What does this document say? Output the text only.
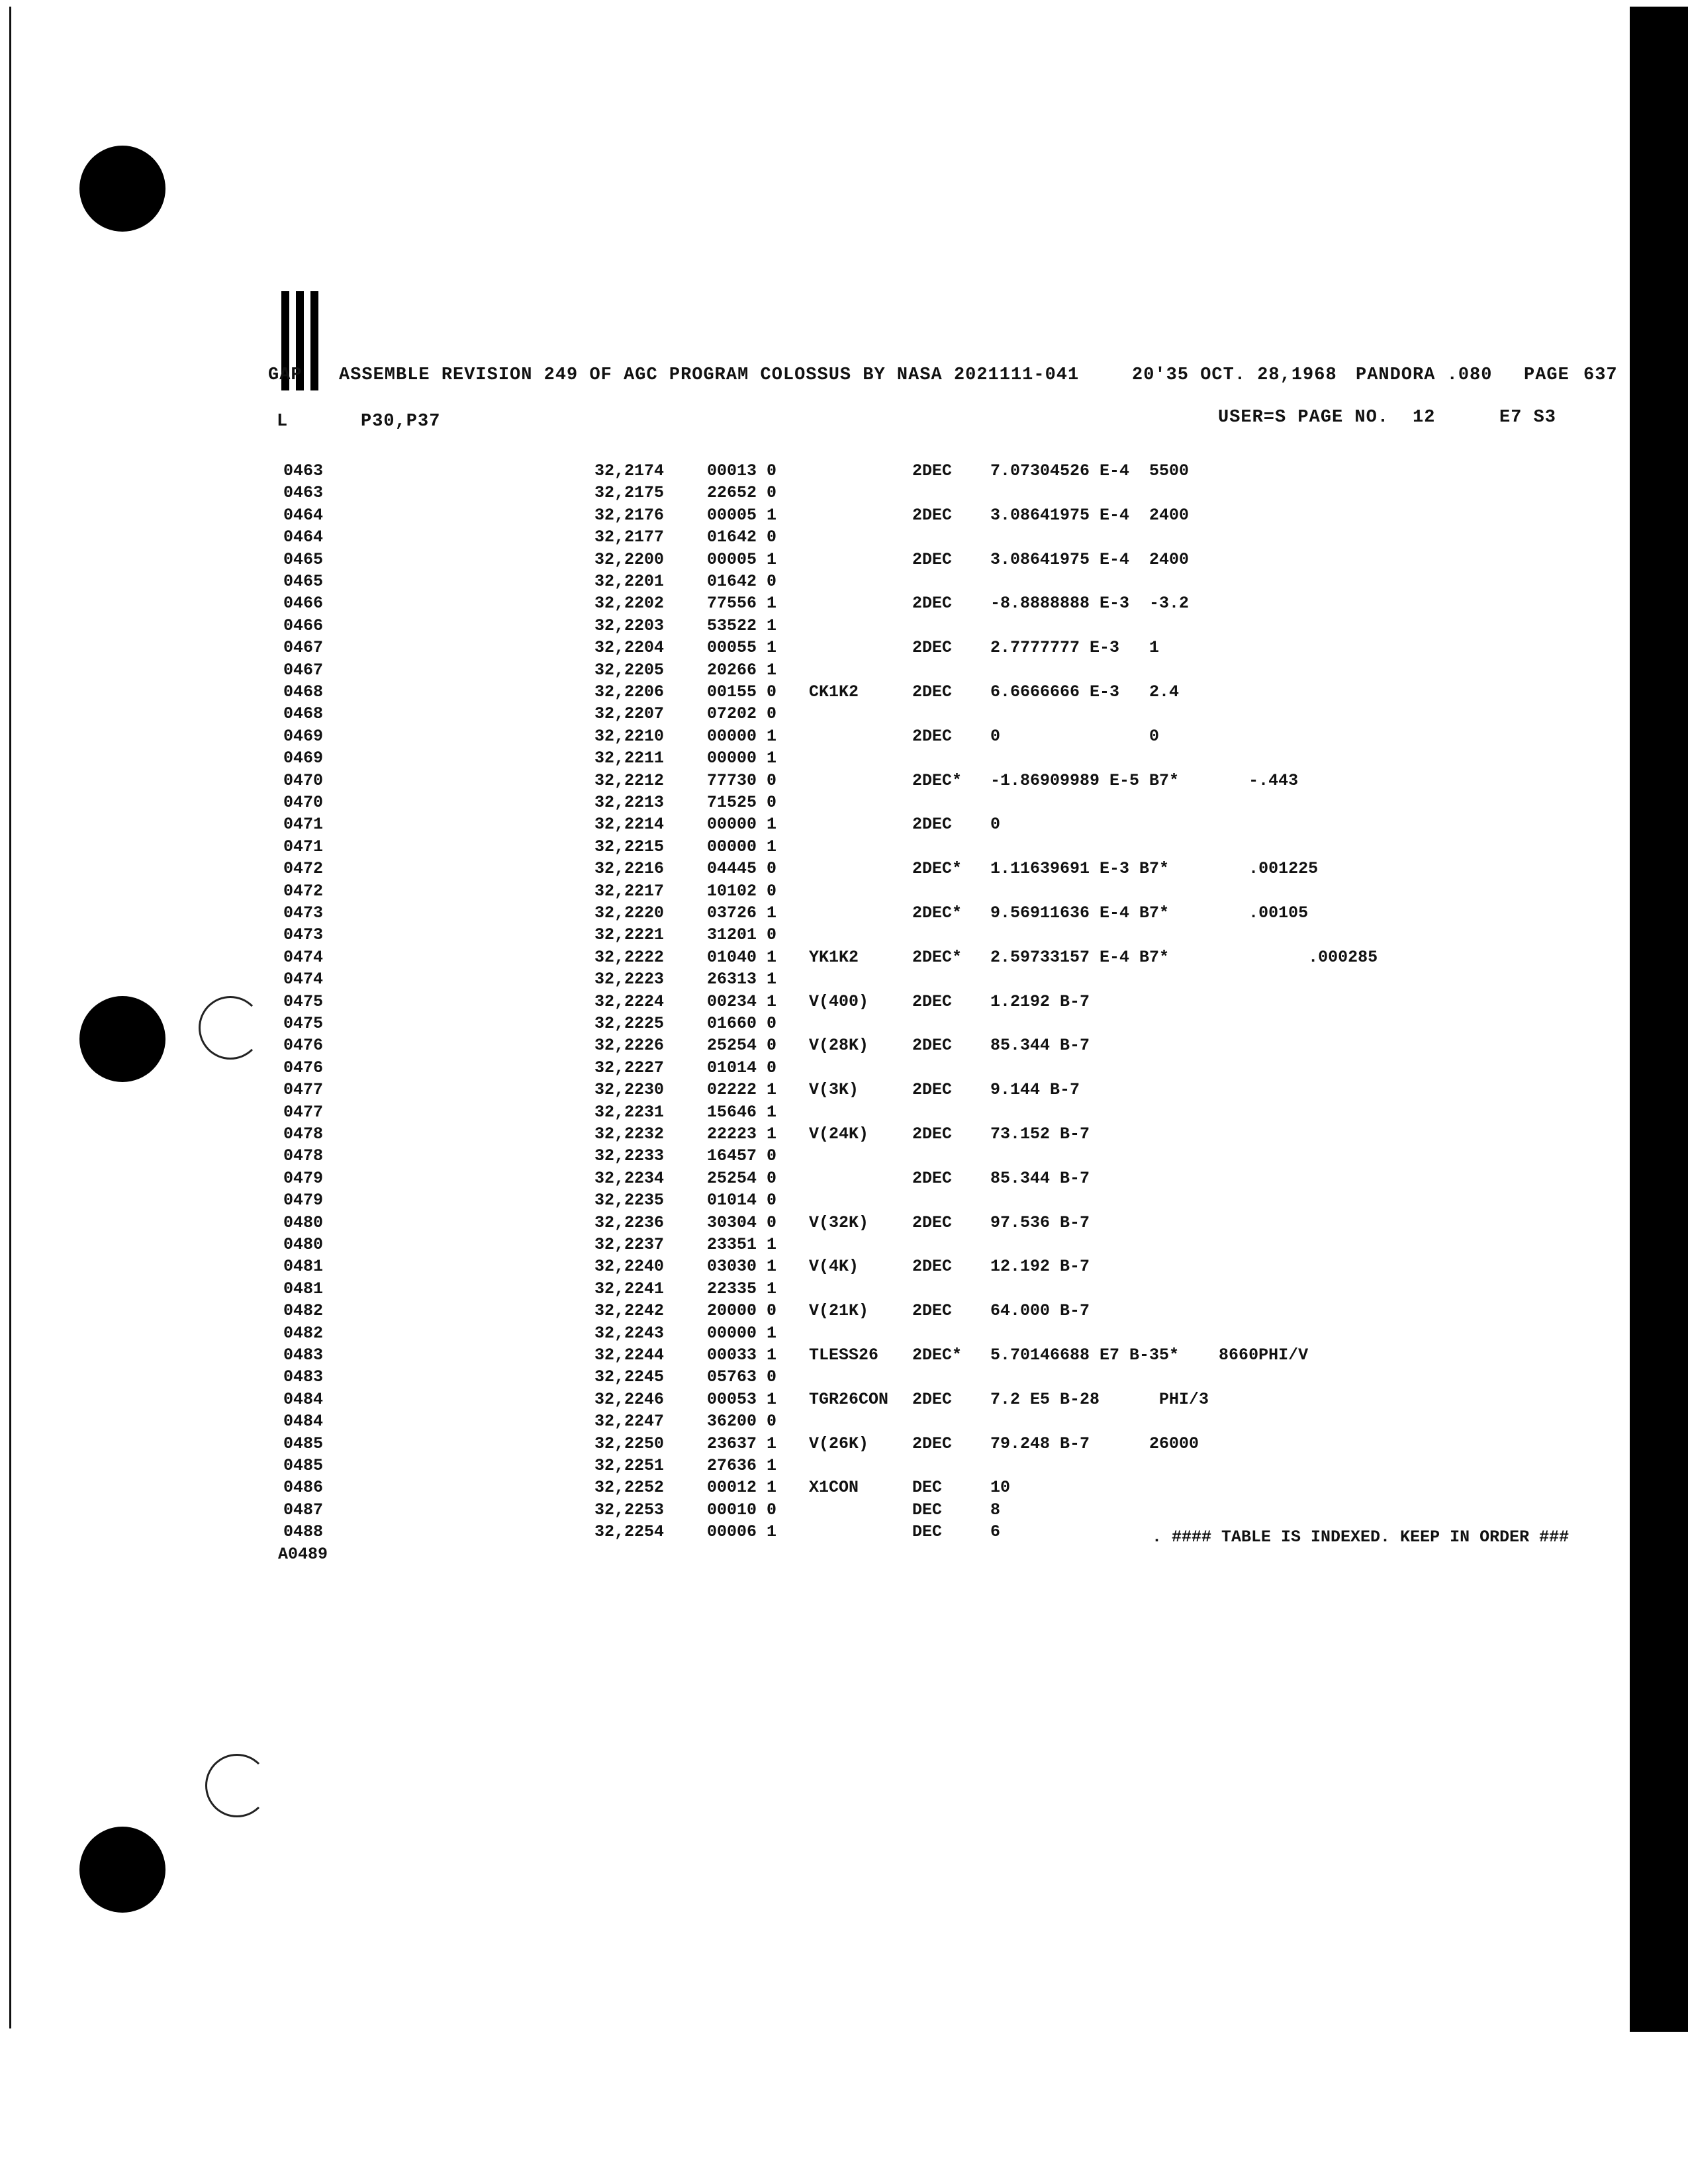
GAP ASSEMBLE REVISION 249 OF AGC PROGRAM COLOSSUS BY NASA 2021111-041	20'35 OCT. 28,1968 PANDORA .080 PAGE 637
L	P30,P37	USER=S PAGE NO. 12	E7 S3
0463	32,2174	00013 0	2DEC 7.07304526 E-4  5500
0463	32,2175	22652 0
0464	32,2176	00005 1	2DEC 3.08641975 E-4  2400
0464	32,2177	01642 0
0465	32,2200	00005 1	2DEC 3.08641975 E-4  2400
0465	32,2201	01642 0
0466	32,2202	77556 1	2DEC -8.8888888 E-3  -3.2
0466	32,2203	53522 1
0467	32,2204	00055 1	2DEC 2.7777777 E-3   1
0467	32,2205	20266 1
0468	32,2206	00155 0 CK1K2	2DEC 6.6666666 E-3   2.4
0468	32,2207	07202 0
0469	32,2210	00000 1	2DEC 0               0
0469	32,2211	00000 1
0470	32,2212	77730 0	2DEC* -1.86909989 E-5 B7*       -.443
0470	32,2213	71525 0
0471	32,2214	00000 1	2DEC 0
0471	32,2215	00000 1
0472	32,2216	04445 0	2DEC* 1.11639691 E-3 B7*        .001225
0472	32,2217	10102 0
0473	32,2220	03726 1	2DEC* 9.56911636 E-4 B7*        .00105
0473	32,2221	31201 0
0474	32,2222	01040 1 YK1K2	2DEC* 2.59733157 E-4 B7*              .000285
0474	32,2223	26313 1
0475	32,2224	00234 1 V(400)	2DEC 1.2192 B-7
0475	32,2225	01660 0
0476	32,2226	25254 0 V(28K)	2DEC 85.344 B-7
0476	32,2227	01014 0
0477	32,2230	02222 1 V(3K)	2DEC 9.144 B-7
0477	32,2231	15646 1
0478	32,2232	22223 1 V(24K)	2DEC 73.152 B-7
0478	32,2233	16457 0
0479	32,2234	25254 0	2DEC 85.344 B-7
0479	32,2235	01014 0
0480	32,2236	30304 0 V(32K)	2DEC 97.536 B-7
0480	32,2237	23351 1
0481	32,2240	03030 1 V(4K)	2DEC 12.192 B-7
0481	32,2241	22335 1
0482	32,2242	20000 0 V(21K)	2DEC 64.000 B-7
0482	32,2243	00000 1
0483	32,2244	00033 1 TLESS26 2DEC* 5.70146688 E7 B-35*    8660PHI/V
0483	32,2245	05763 0
0484	32,2246	00053 1 TGR26CON 2DEC 7.2 E5 B-28      PHI/3
0484	32,2247	36200 0
0485	32,2250	23637 1 V(26K)	2DEC 79.248 B-7      26000
0485	32,2251	27636 1
0486	32,2252	00012 1 X1CON	DEC	10
0487	32,2253	00010 0	DEC	8
0488	32,2254	00006 1	DEC	6
A0489
. #### TABLE IS INDEXED. KEEP IN ORDER ###
